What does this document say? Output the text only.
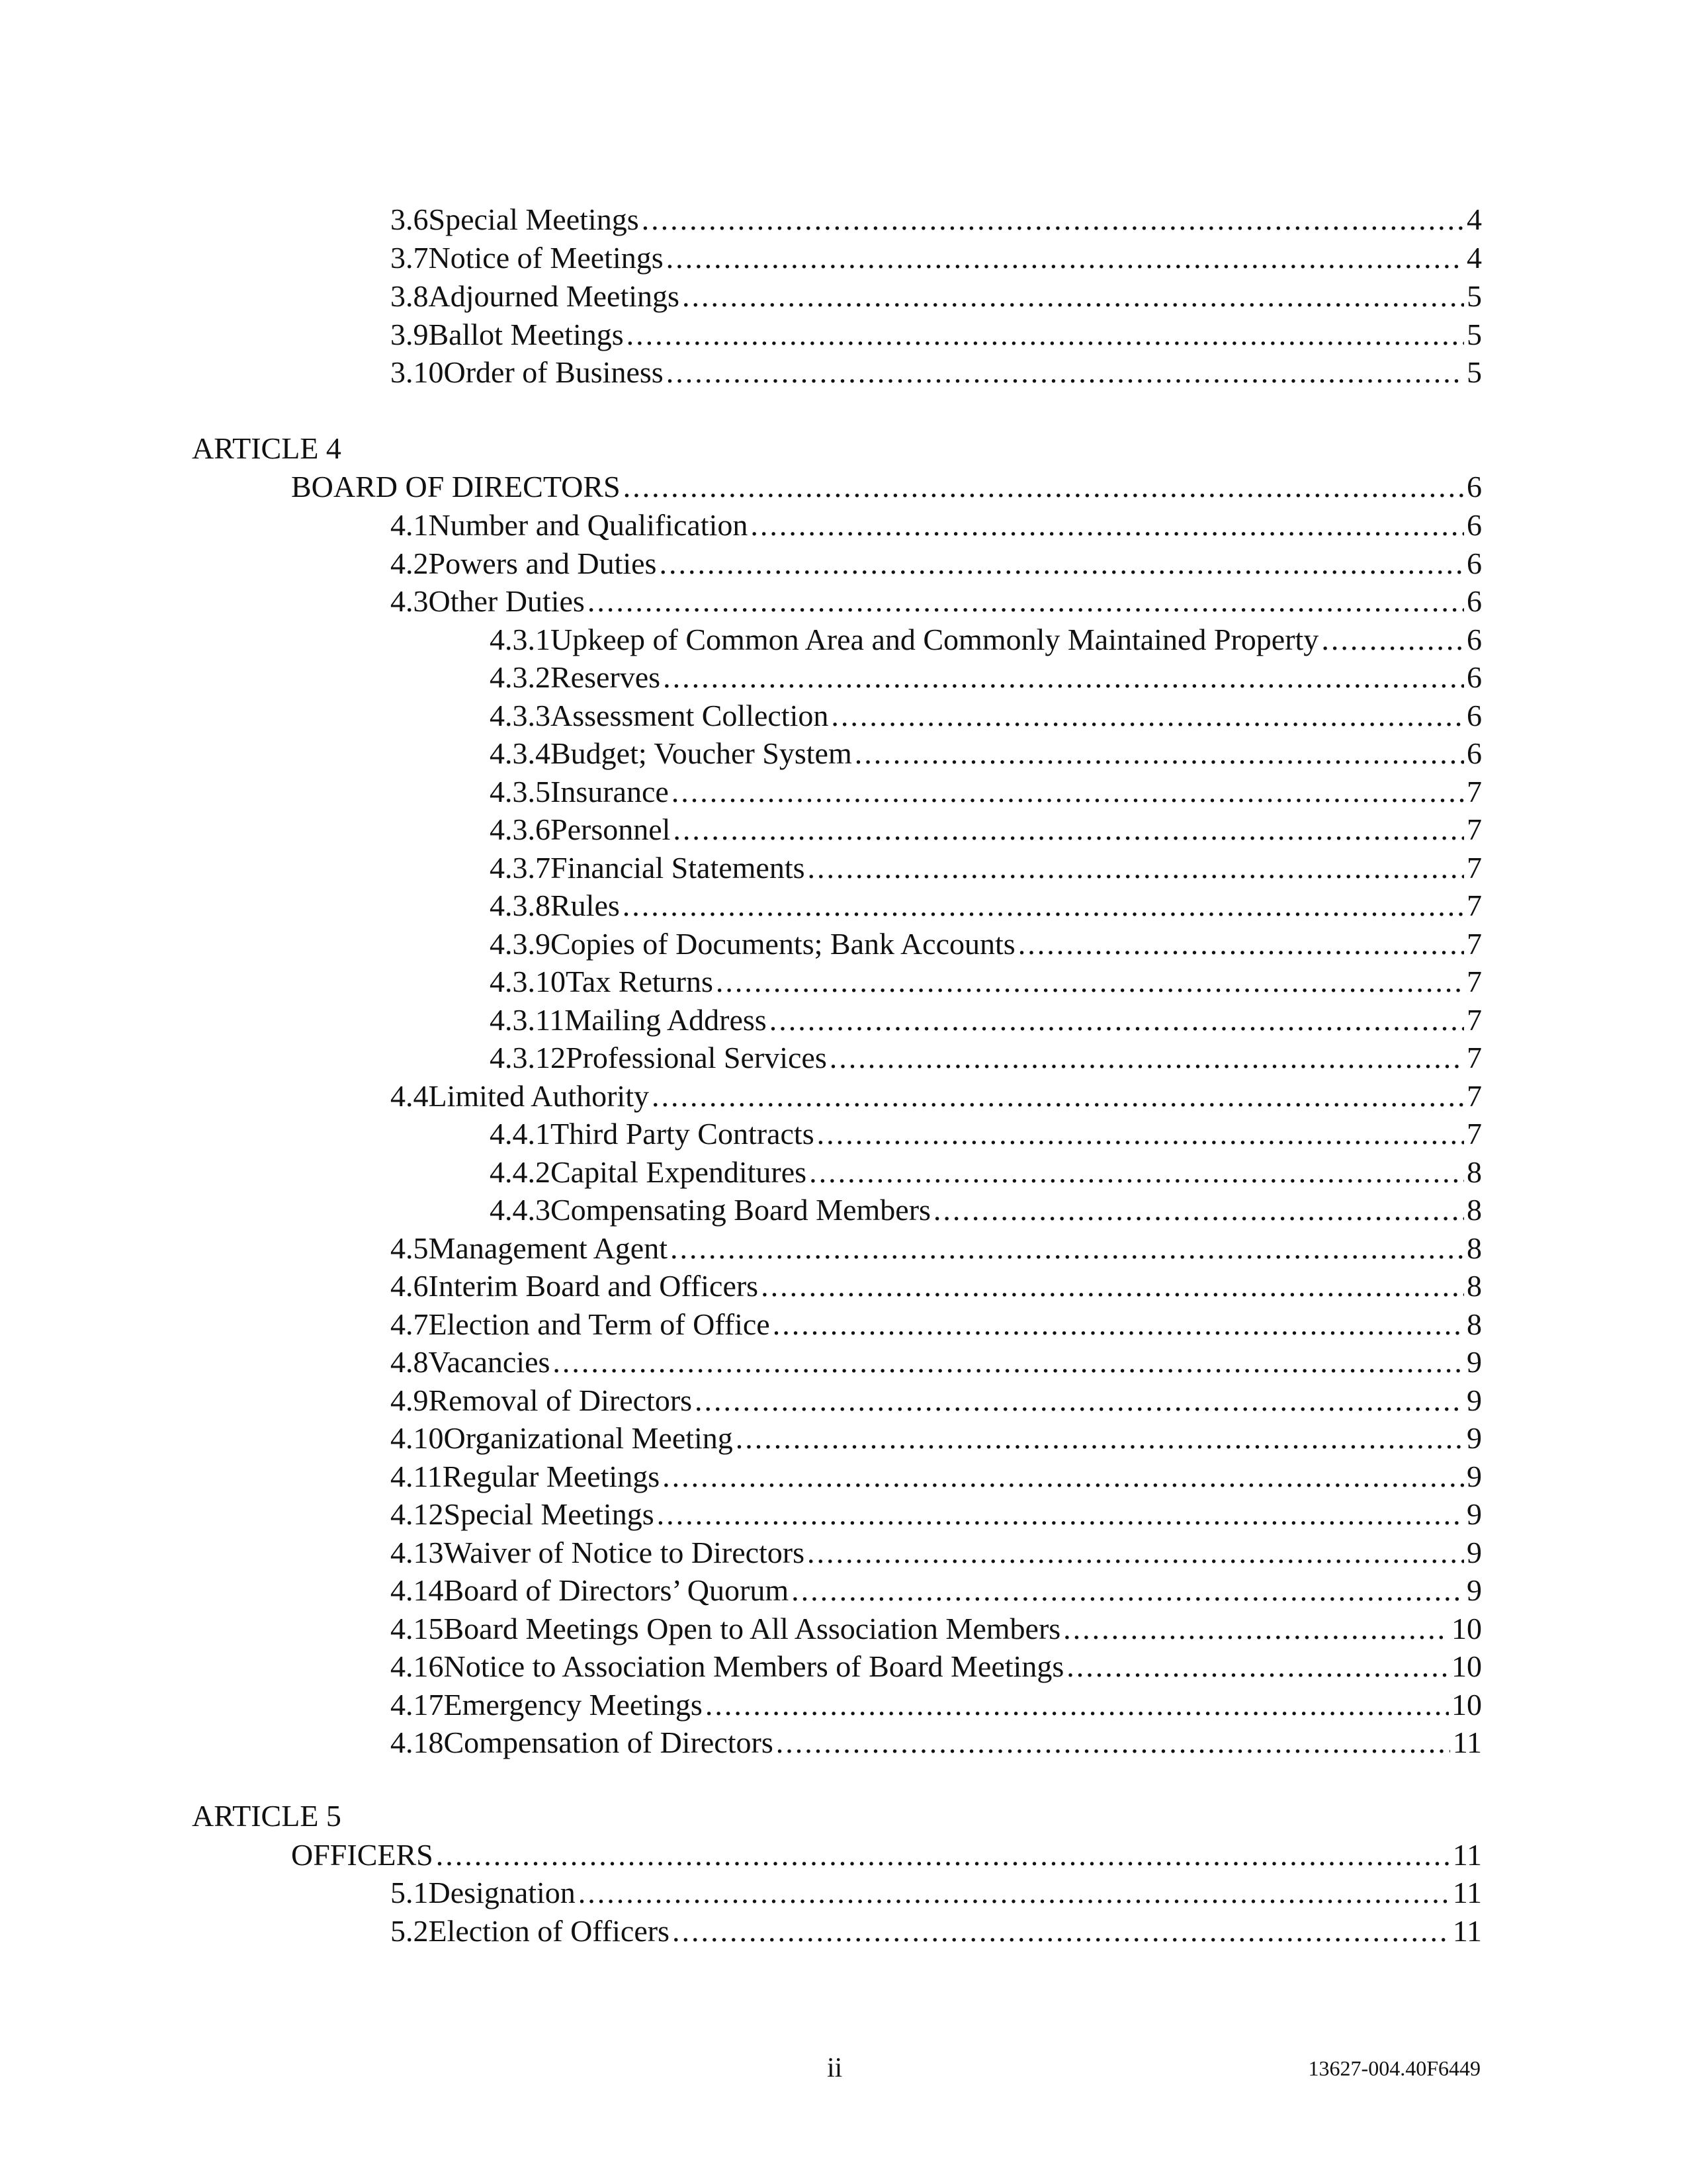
3.6 Special Meetings .....	4
3.7 Notice of Meetings .....	4
3.8 Adjourned Meetings .....	5
3.9 Ballot Meetings .....	5
3.10 Order of Business .....	5
ARTICLE 4
BOARD OF DIRECTORS .....	6
4.1 Number and Qualification .....	6
4.2 Powers and Duties .....	6
4.3 Other Duties .....	6
4.3.1 Upkeep of Common Area and Commonly Maintained Property .....	6
4.3.2 Reserves .....	6
4.3.3 Assessment Collection .....	6
4.3.4 Budget; Voucher System .....	6
4.3.5 Insurance .....	7
4.3.6 Personnel .....	7
4.3.7 Financial Statements .....	7
4.3.8 Rules .....	7
4.3.9 Copies of Documents; Bank Accounts .....	7
4.3.10 Tax Returns .....	7
4.3.11 Mailing Address .....	7
4.3.12 Professional Services .....	7
4.4 Limited Authority .....	7
4.4.1 Third Party Contracts .....	7
4.4.2 Capital Expenditures .....	8
4.4.3 Compensating Board Members .....	8
4.5 Management Agent .....	8
4.6 Interim Board and Officers .....	8
4.7 Election and Term of Office .....	8
4.8 Vacancies .....	9
4.9 Removal of Directors .....	9
4.10 Organizational Meeting .....	9
4.11 Regular Meetings .....	9
4.12 Special Meetings .....	9
4.13 Waiver of Notice to Directors .....	9
4.14 Board of Directors’ Quorum .....	9
4.15 Board Meetings Open to All Association Members .....	10
4.16 Notice to Association Members of Board Meetings .....	10
4.17 Emergency Meetings .....	10
4.18 Compensation of Directors .....	11
ARTICLE 5
OFFICERS .....	11
5.1 Designation .....	11
5.2 Election of Officers .....	11
ii	13627-004.40F6449
